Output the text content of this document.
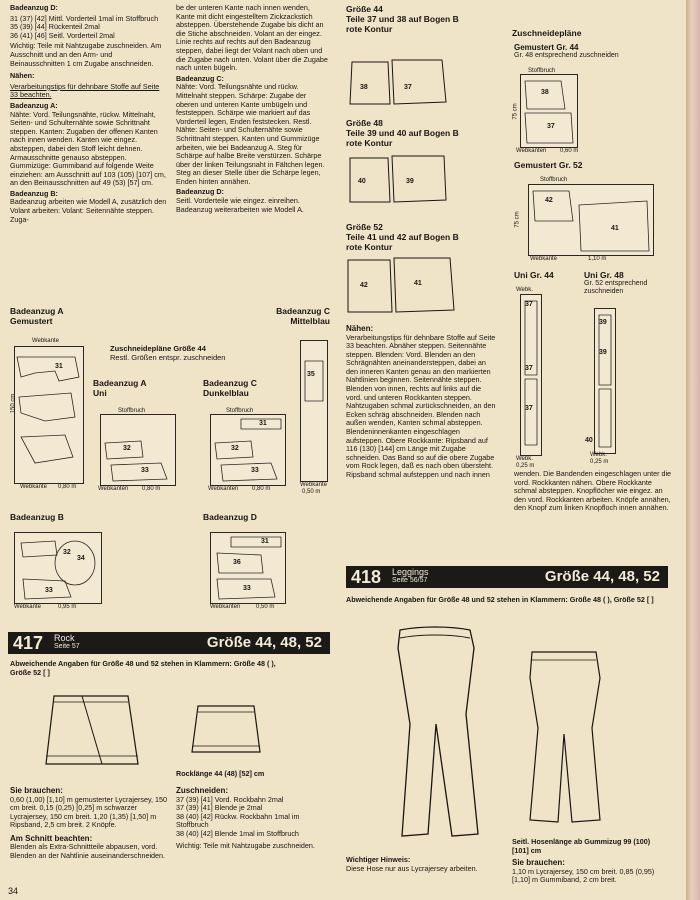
Badeanzug D:

31 (37) [42] Mittl. Vorderteil 1mal im Stoffbruch

35 (39) [44] Rückenteil 2mal

36 (41) [46] Seitl. Vorderteil 2mal

Wichtig: Teile mit Nahtzugabe zuschneiden. Am Ausschnitt und an den Arm- und Beinausschnitten 1 cm Zugabe anschneiden.

Nähen:

Verarbeitungstips für dehnbare Stoffe auf Seite 33 beachten.

Badeanzug A:

Nähte: Vord. Teilungsnähte, rückw. Mittelnaht, Seiten- und Schulternähte sowie Schrittnaht steppen. Kanten: Zugaben der offenen Kanten nach innen wenden. Kanten wie eingez. absteppen, dabei den Stoff leicht dehnen. Armausschnitte genauso absteppen. Gummizüge: Gummiband auf folgende Weite einziehen: am Ausschnitt auf 103 (105) [107] cm, an den Beinausschnitten auf 49 (53) [57] cm.

Badeanzug B:

Badeanzug arbeiten wie Modell A, zusätzlich den Volant arbeiten: Volant: Seitennähte steppen. Zuga-

be der unteren Kante nach innen wenden, Kante mit dicht eingestelltem Zickzackstich absteppen. Überstehende Zugabe bis dicht an die Stiche abschneiden. Volant an der eingez. Linie rechts auf rechts auf den Badeanzug steppen, dabei liegt der Volant nach oben und die Zugabe nach unten. Volant über die Zugabe nach unten bügeln.

Badeanzug C:

Nähte: Vord. Teilungsnähte und rückw. Mittelnaht steppen. Schärpe: Zugabe der oberen und unteren Kante umbügeln und feststeppen. Schärpe wie markiert auf das Vorderteil legen, Enden feststecken. Restl. Nähte: Seiten- und Schulternähte sowie Schrittnaht steppen. Kanten und Gummizüge arbeiten, wie bei Badeanzug A. Steg für Schärpe auf halbe Breite verstürzen. Schärpe über der linken Teilungsnaht in Fältchen legen. Steg an dieser Stelle über die Schärpe legen, Enden hinten annähen.

Badeanzug D:

Seitl. Vorderteile wie eingez. einreihen. Badeanzug weiterarbeiten wie Modell A.

Badeanzug A
Gemustert
Badeanzug C
Mittelblau
Zuschneidepläne Größe 44
Restl. Größen entspr. zuschneiden
31
Webkante
150 cm
Webkante 0,80 m
Badeanzug A
Uni
32
33
Stoffbruch
Webkanten 0,80 m
Badeanzug C
Dunkelblau
31
32
33
Stoffbruch
Webkanten 0,80 m
35
Webkante
0,50 m
Badeanzug B
32
34
33
Webkante	0,95 m
Badeanzug D
31
36
33
Webkanten	0,50 m
417 Rock
Seite 57	Größe 44, 48, 52
Abweichende Angaben für Größe 48 und 52 stehen in Klammern: Größe 48 ( ), Größe 52 [ ]
Rocklänge 44 (48) [52] cm

Sie brauchen:

0,60 (1,00) [1,10] m gemusterter Lycrajersey, 150 cm breit. 0,15 (0,25) [0,25] m schwarzer Lycrajersey, 150 cm breit. 1,20 (1,35) [1,50] m Ripsband, 2,5 cm breit. 2 Knöpfe.

Am Schnitt beachten:

Blenden als Extra-Schnittteile abpausen, vord. Blenden an der Nahtlinie auseinanderschneiden.

Zuschneiden:

37 (39) [41] Vord. Rockbahn 2mal

37 (39) [41] Blende je 2mal

38 (40) [42] Rückw. Rockbahn 1mal im Stoffbruch

38 (40) [42] Blende 1mal im Stoffbruch

Wichtig: Teile mit Nahtzugabe zuschneiden.

Größe 44
Teile 37 und 38 auf Bogen B
rote Kontur
38	37
Größe 48
Teile 39 und 40 auf Bogen B
rote Kontur
40	39
Größe 52
Teile 41 und 42 auf Bogen B
rote Kontur
42	41

Nähen:

Verarbeitungstips für dehnbare Stoffe auf Seite 33 beachten. Abnäher steppen. Seitennähte steppen. Blenden: Vord. Blenden an den Schrägnähten aneinandersteppen, dabei an den inneren Kanten genau an den markierten Nahtlinien beginnen. Seitennähte steppen. Blenden von innen, rechts auf links auf die vord. und unteren Rockkanten steppen. Nahtzugaben schmal zurückschneiden, an den Ecken schräg abschneiden. Blenden nach außen wenden, Kanten schmal absteppen. Blendeninnenkanten eingeschlagen aufsteppen. Obere Rockkante: Ripsband auf 116 (130) [144] cm Länge mit Zugabe schneiden. Das Band so auf die obere Zugabe vom Rock legen, daß es nach oben übersteht. Ripsband schmal aufsteppen und nach innen

Zuschneidepläne
Gemustert Gr. 44
Gr. 48 entsprechend zuschneiden
38
37
Stoffbruch
75 cm
Webkanten 0,60 m
Gemustert Gr. 52
42
41
Stoffbruch
75 cm
Webkante	1,10 m
Uni Gr. 44
37
37
37
Webk.
Webk.
0,25 m
Uni Gr. 48
Gr. 52 entsprechend zuschneiden
39
39
40
Webk.
0,25 m

wenden. Die Bandenden eingeschlagen unter die vord. Rockkanten nähen. Obere Rockkante schmal absteppen. Knopflöcher wie eingez. an den vord. Rockkanten arbeiten. Knöpfe annähen, den Knopf zum linken Knopfloch innen annähen.

418 Leggings
Seite 56/57	Größe 44, 48, 52
Abweichende Angaben für Größe 48 und 52 stehen in Klammern: Größe 48 ( ), Größe 52 [ ]
Seitl. Hosenlänge ab Gummizug 99 (100) [101] cm

Wichtiger Hinweis:

Diese Hose nur aus Lycrajersey arbeiten.

Sie brauchen:

1,10 m Lycrajersey, 150 cm breit. 0,85 (0,95) [1,10] m Gummiband, 2 cm breit.

34
